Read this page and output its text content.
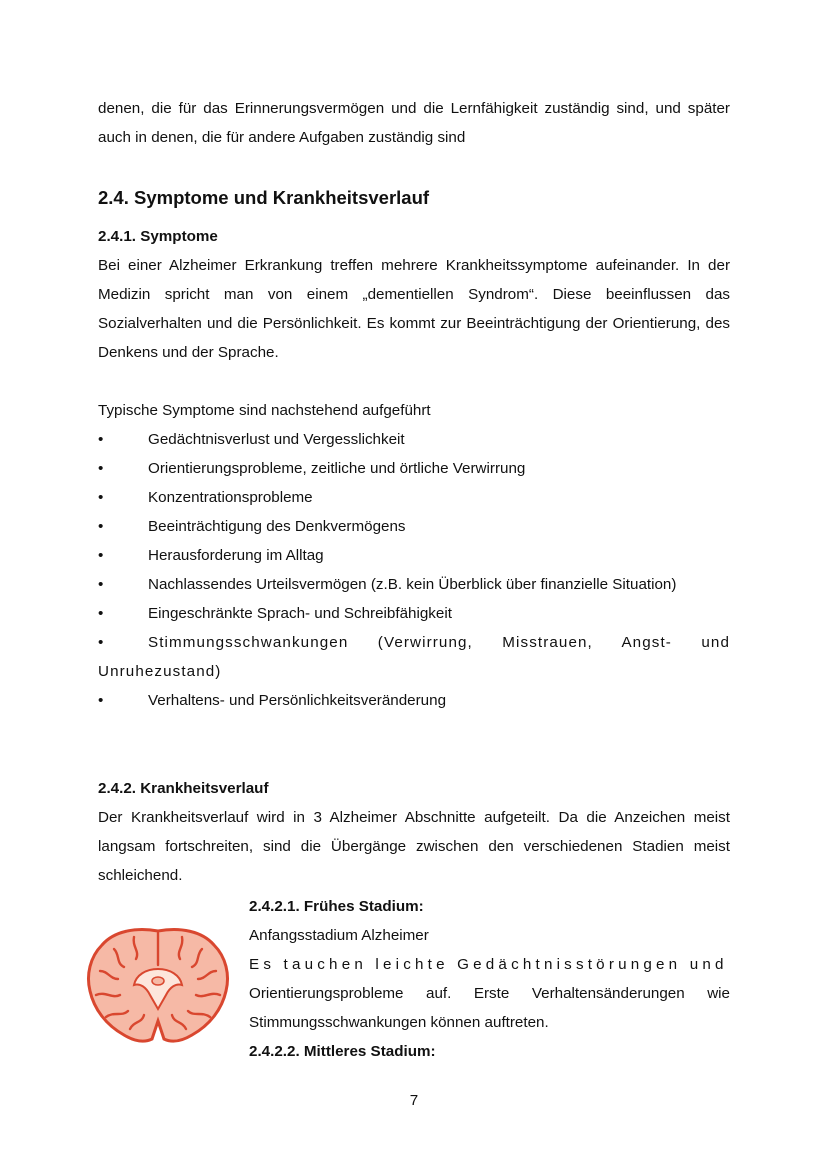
denen, die für das Erinnerungsvermögen und die Lernfähigkeit zuständig sind, und später auch in denen, die für andere Aufgaben zuständig sind
2.4. Symptome und Krankheitsverlauf
2.4.1. Symptome
Bei einer Alzheimer Erkrankung treffen mehrere Krankheitssymptome aufeinander. In der Medizin spricht man von einem „dementiellen Syndrom“. Diese beeinflussen das Sozialverhalten und die Persönlichkeit. Es kommt zur Beeinträchtigung der Orientierung, des Denkens und der Sprache.
Typische Symptome sind nachstehend aufgeführt
•	Gedächtnisverlust und Vergesslichkeit
•	Orientierungsprobleme, zeitliche und örtliche Verwirrung
•	Konzentrationsprobleme
•	Beeinträchtigung des Denkvermögens
•	Herausforderung im Alltag
•	Nachlassendes Urteilsvermögen (z.B. kein Überblick über finanzielle Situation)
•	Eingeschränkte Sprach- und Schreibfähigkeit
•	Stimmungsschwankungen (Verwirrung, Misstrauen, Angst- und Unruhezustand)
•	Verhaltens- und Persönlichkeitsveränderung
2.4.2. Krankheitsverlauf
Der Krankheitsverlauf wird in 3 Alzheimer Abschnitte aufgeteilt. Da die Anzeichen meist langsam fortschreiten, sind die Übergänge zwischen den verschiedenen Stadien meist schleichend.
2.4.2.1. Frühes Stadium:
Anfangsstadium Alzheimer
Es tauchen leichte Gedächtnisstörungen und
Orientierungsprobleme auf. Erste Verhaltensänderungen wie Stimmungsschwankungen können auftreten.
2.4.2.2. Mittleres Stadium:
7
